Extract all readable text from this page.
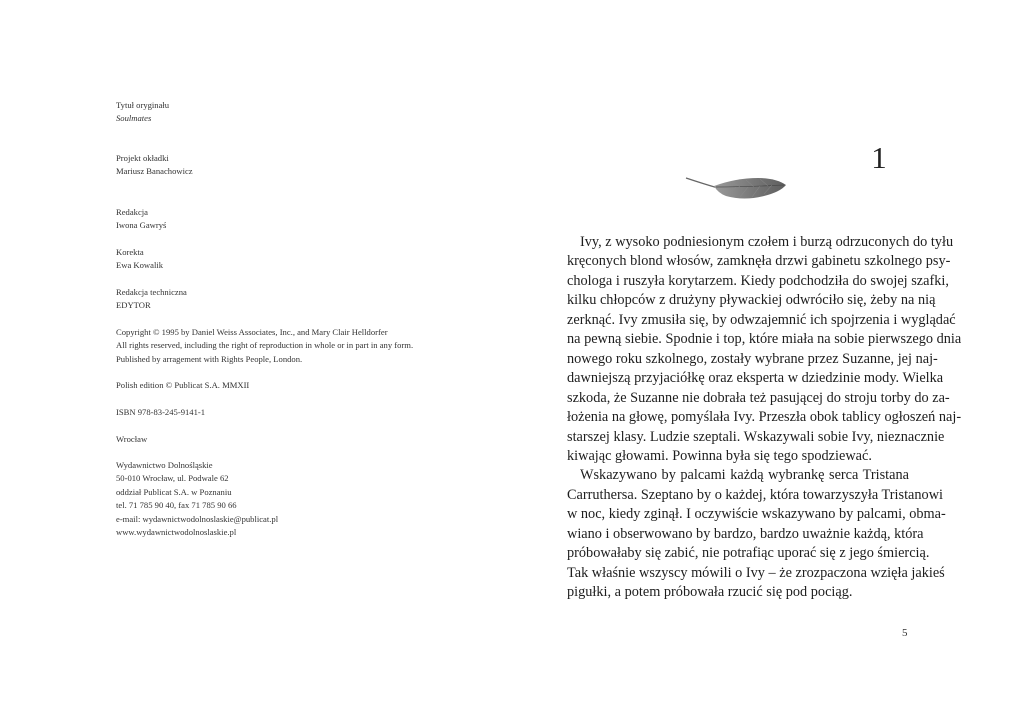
Tytuł oryginału
Soulmates
Projekt okładki
Mariusz Banachowicz
Redakcja
Iwona Gawryś
Korekta
Ewa Kowalik
Redakcja techniczna
EDYTOR
Copyright © 1995 by Daniel Weiss Associates, Inc., and Mary Clair Helldorfer
All rights reserved, including the right of reproduction in whole or in part in any form.
Published by arragement with Rights People, London.
Polish edition © Publicat S.A. MMXII
ISBN 978-83-245-9141-1
Wrocław
Wydawnictwo Dolnośląskie
50-010 Wrocław, ul. Podwale 62
oddział Publicat S.A. w Poznaniu
tel. 71 785 90 40, fax 71 785 90 66
e-mail: wydawnictwodolnoslaskie@publicat.pl
www.wydawnictwodolnoslaskie.pl
1
Ivy, z wysoko podniesionym czołem i burzą odrzuconych do tyłu
kręconych blond włosów, zamknęła drzwi gabinetu szkolnego psy-
chologa i ruszyła korytarzem. Kiedy podchodziła do swojej szafki,
kilku chłopców z drużyny pływackiej odwróciło się, żeby na nią
zerknąć. Ivy zmusiła się, by odwzajemnić ich spojrzenia i wyglądać
na pewną siebie. Spodnie i top, które miała na sobie pierwszego dnia
nowego roku szkolnego, zostały wybrane przez Suzanne, jej naj-
dawniejszą przyjaciółkę oraz eksperta w dziedzinie mody. Wielka
szkoda, że Suzanne nie dobrała też pasującej do stroju torby do za-
łożenia na głowę, pomyślała Ivy. Przeszła obok tablicy ogłoszeń naj-
starszej klasy. Ludzie szeptali. Wskazywali sobie Ivy, nieznacznie
kiwając głowami. Powinna była się tego spodziewać.
Wskazywano by palcami każdą wybrankę serca Tristana
Carruthersa. Szeptano by o każdej, która towarzyszyła Tristanowi
w noc, kiedy zginął. I oczywiście wskazywano by palcami, obma-
wiano i obserwowano by bardzo, bardzo uważnie każdą, która
próbowałaby się zabić, nie potrafiąc uporać się z jego śmiercią.
Tak właśnie wszyscy mówili o Ivy – że zrozpaczona wzięła jakieś
pigułki, a potem próbowała rzucić się pod pociąg.
5
